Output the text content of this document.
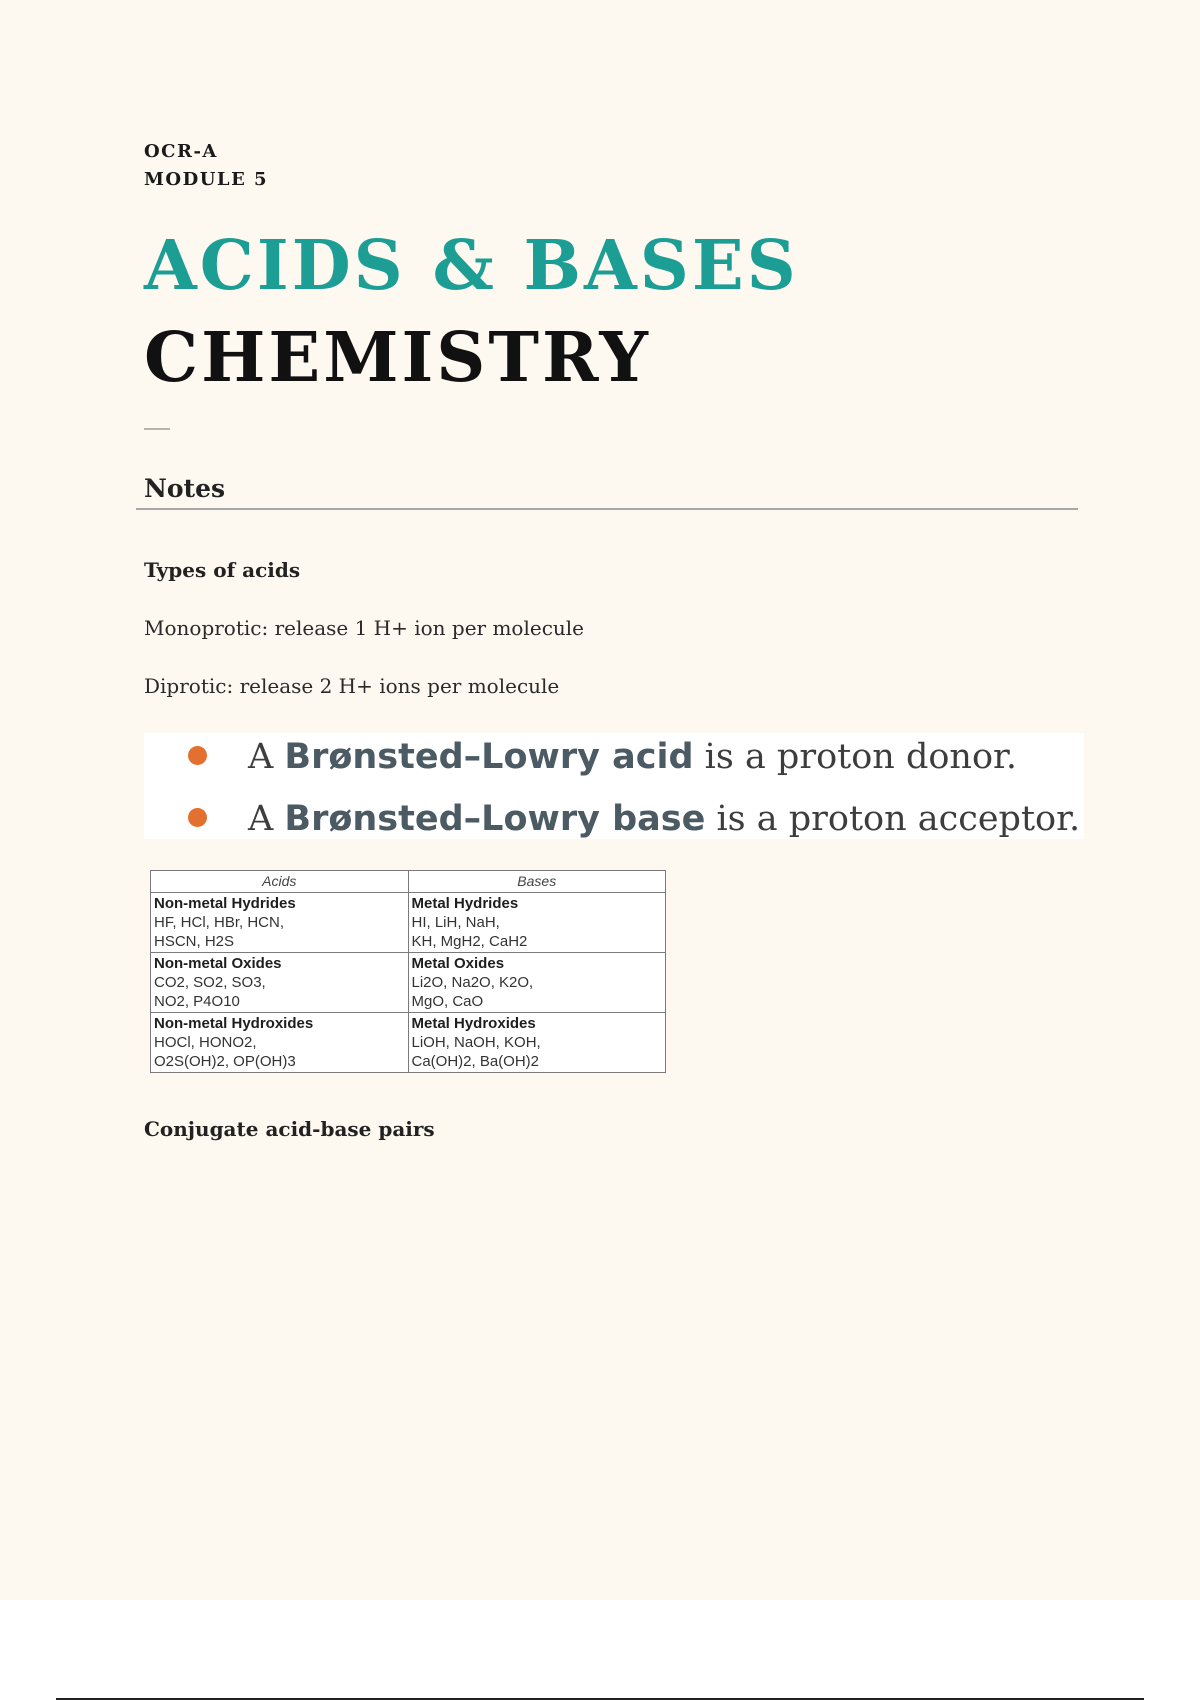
OCR-A
MODULE 5
ACIDS & BASES
CHEMISTRY
Notes
Types of acids
Monoprotic: release 1 H+ ion per molecule
Diprotic: release 2 H+ ions per molecule
A Brønsted–Lowry acid is a proton donor.
A Brønsted–Lowry base is a proton acceptor.
Acids	Bases

Non-metal Hydrides
HF, HCl, HBr, HCN,
HSCN, H2S	Metal Hydrides
HI, LiH, NaH,
KH, MgH2, CaH2

Non-metal Oxides
CO2, SO2, SO3,
NO2, P4O10	Metal Oxides
Li2O, Na2O, K2O,
MgO, CaO

Non-metal Hydroxides
HOCl, HONO2,
O2S(OH)2, OP(OH)3	Metal Hydroxides
LiOH, NaOH, KOH,
Ca(OH)2, Ba(OH)2
Conjugate acid-base pairs
